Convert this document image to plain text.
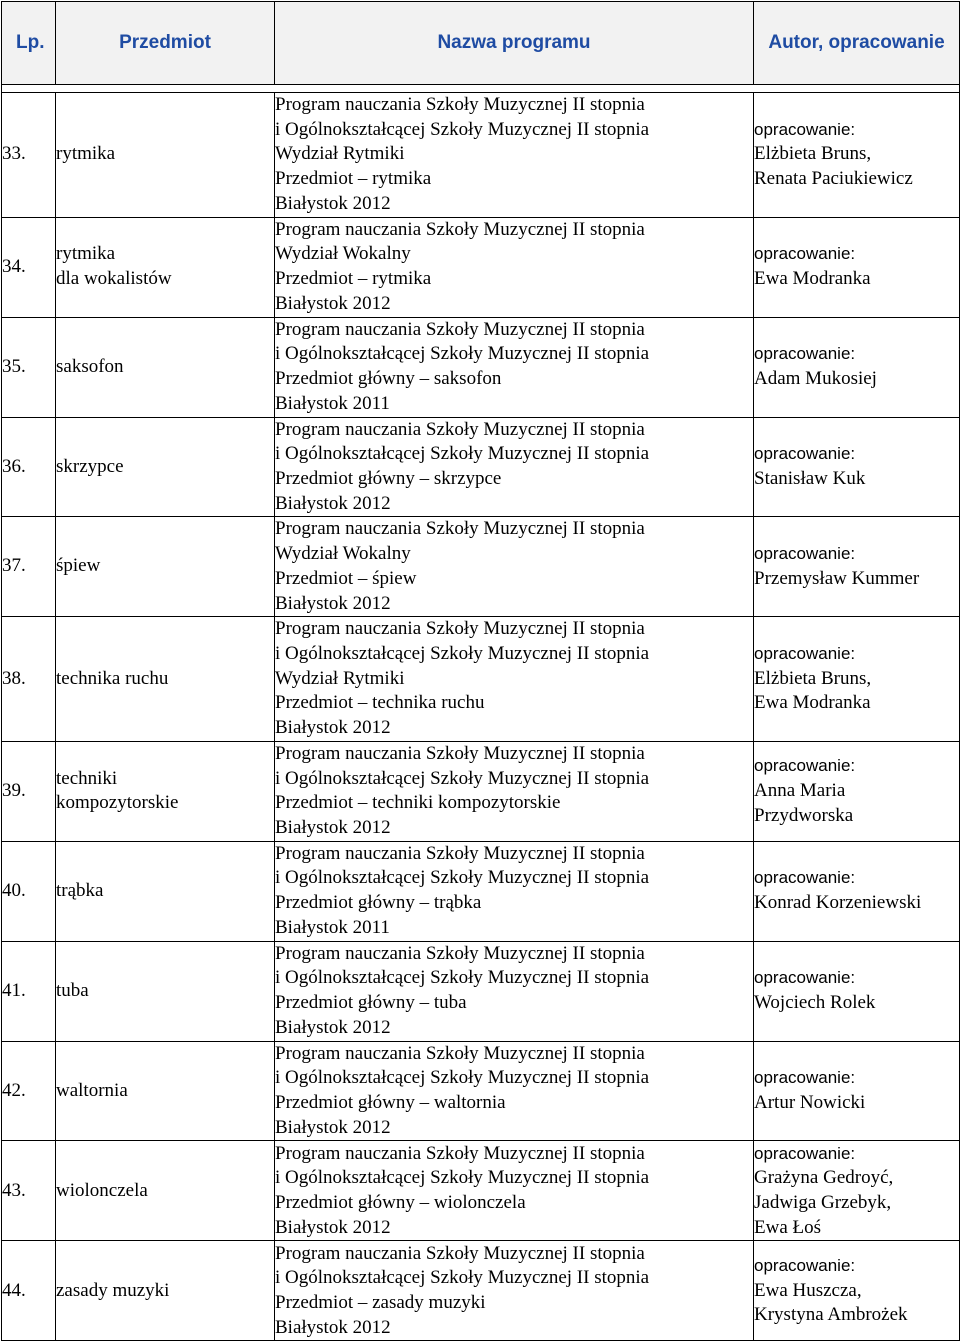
Lp.	Przedmiot	Nazwa programu	Autor, opracowanie

33.	rytmika	Program nauczania Szkoły Muzycznej II stopnia
i Ogólnokształcącej Szkoły Muzycznej II stopnia
Wydział Rytmiki
Przedmiot – rytmika
Białystok 2012	opracowanie:
Elżbieta Bruns,
Renata Paciukiewicz

34.	rytmika
dla wokalistów	Program nauczania Szkoły Muzycznej II stopnia
Wydział Wokalny
Przedmiot – rytmika
Białystok 2012	opracowanie:
Ewa Modranka

35.	saksofon	Program nauczania Szkoły Muzycznej II stopnia
i Ogólnokształcącej Szkoły Muzycznej II stopnia
Przedmiot główny – saksofon
Białystok 2011	opracowanie:
Adam Mukosiej

36.	skrzypce	Program nauczania Szkoły Muzycznej II stopnia
i Ogólnokształcącej Szkoły Muzycznej II stopnia
Przedmiot główny – skrzypce
Białystok 2012	opracowanie:
Stanisław Kuk

37.	śpiew	Program nauczania Szkoły Muzycznej II stopnia
Wydział Wokalny
Przedmiot – śpiew
Białystok 2012	opracowanie:
Przemysław Kummer

38.	technika ruchu	Program nauczania Szkoły Muzycznej II stopnia
i Ogólnokształcącej Szkoły Muzycznej II stopnia
Wydział Rytmiki
Przedmiot – technika ruchu
Białystok 2012	opracowanie:
Elżbieta Bruns,
Ewa Modranka

39.	techniki
kompozytorskie	Program nauczania Szkoły Muzycznej II stopnia
i Ogólnokształcącej Szkoły Muzycznej II stopnia
Przedmiot – techniki kompozytorskie
Białystok 2012	opracowanie:
Anna Maria
Przydworska

40.	trąbka	Program nauczania Szkoły Muzycznej II stopnia
i Ogólnokształcącej Szkoły Muzycznej II stopnia
Przedmiot główny – trąbka
Białystok 2011	opracowanie:
Konrad Korzeniewski

41.	tuba	Program nauczania Szkoły Muzycznej II stopnia
i Ogólnokształcącej Szkoły Muzycznej II stopnia
Przedmiot główny – tuba
Białystok 2012	opracowanie:
Wojciech Rolek

42.	waltornia	Program nauczania Szkoły Muzycznej II stopnia
i Ogólnokształcącej Szkoły Muzycznej II stopnia
Przedmiot główny – waltornia
Białystok 2012	opracowanie:
Artur Nowicki

43.	wiolonczela	Program nauczania Szkoły Muzycznej II stopnia
i Ogólnokształcącej Szkoły Muzycznej II stopnia
Przedmiot główny – wiolonczela
Białystok 2012	opracowanie:
Grażyna Gedroyć,
Jadwiga Grzebyk,
Ewa Łoś

44.	zasady muzyki	Program nauczania Szkoły Muzycznej II stopnia
i Ogólnokształcącej Szkoły Muzycznej II stopnia
Przedmiot – zasady muzyki
Białystok 2012	opracowanie:
Ewa Huszcza,
Krystyna Ambrożek
